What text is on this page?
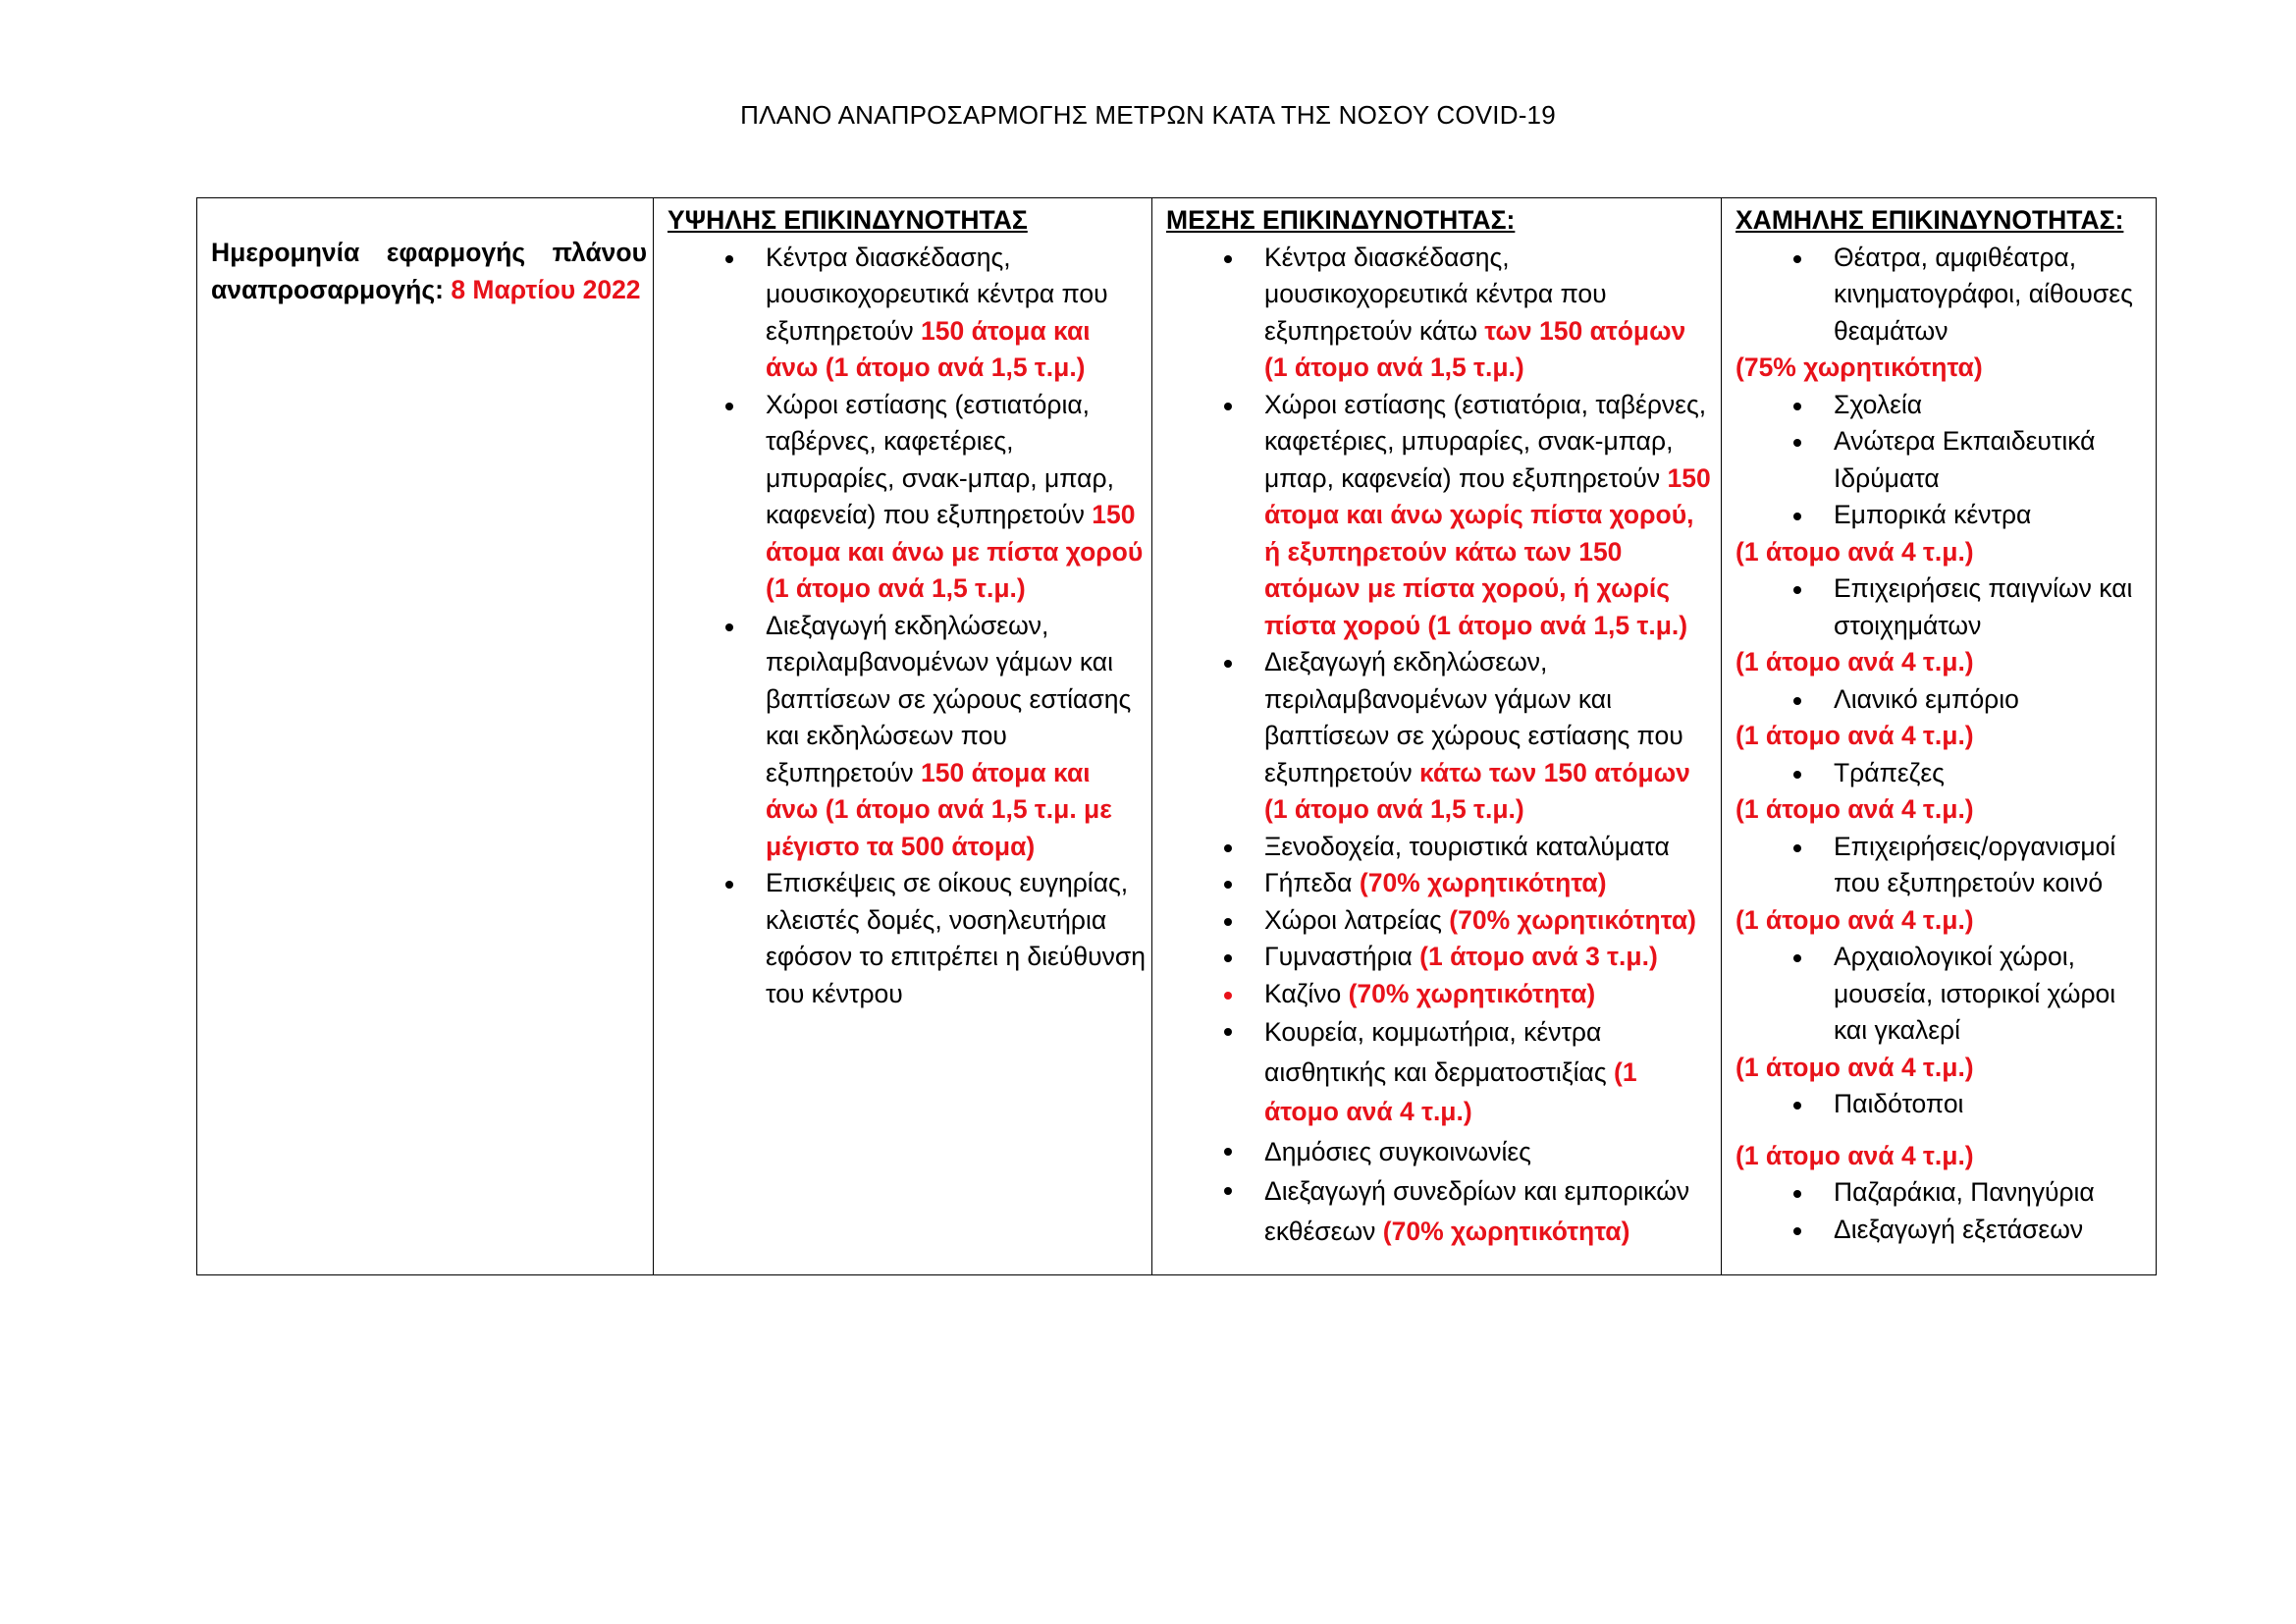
ΠΛΑΝΟ ΑΝΑΠΡΟΣΑΡΜΟΓΗΣ ΜΕΤΡΩΝ ΚΑΤΑ ΤΗΣ ΝΟΣΟΥ COVID-19
Ημερομηνία εφαρμογής πλάνου αναπροσαρμογής: 8 Μαρτίου 2022

ΥΨΗΛΗΣ ΕΠΙΚΙΝΔΥΝΟΤΗΤΑΣ
Κέντρα διασκέδασης, μουσικοχορευτικά κέντρα που εξυπηρετούν 150 άτομα και άνω (1 άτομο ανά 1,5 τ.μ.)
Χώροι εστίασης (εστιατόρια, ταβέρνες, καφετέριες, μπυραρίες, σνακ-μπαρ, μπαρ, καφενεία) που εξυπηρετούν 150 άτομα και άνω με πίστα χορού
(1 άτομο ανά 1,5 τ.μ.)
Διεξαγωγή εκδηλώσεων, περιλαμβανομένων γάμων και βαπτίσεων σε χώρους εστίασης και εκδηλώσεων που εξυπηρετούν 150 άτομα και άνω (1 άτομο ανά 1,5 τ.μ. με μέγιστο τα 500 άτομα)
Επισκέψεις σε οίκους ευγηρίας, κλειστές δομές, νοσηλευτήρια εφόσον το επιτρέπει η διεύθυνση του κέντρου

ΜΕΣΗΣ ΕΠΙΚΙΝΔΥΝΟΤΗΤΑΣ:
Κέντρα διασκέδασης, μουσικοχορευτικά κέντρα που εξυπηρετούν κάτω των 150 ατόμων (1 άτομο ανά 1,5 τ.μ.)
Χώροι εστίασης (εστιατόρια, ταβέρνες, καφετέριες, μπυραρίες, σνακ-μπαρ, μπαρ, καφενεία) που εξυπηρετούν 150 άτομα και άνω χωρίς πίστα χορού, ή εξυπηρετούν κάτω των 150 ατόμων με πίστα χορού, ή χωρίς πίστα χορού (1 άτομο ανά 1,5 τ.μ.)
Διεξαγωγή εκδηλώσεων, περιλαμβανομένων γάμων και βαπτίσεων σε χώρους εστίασης που εξυπηρετούν κάτω των 150 ατόμων (1 άτομο ανά 1,5 τ.μ.)
Ξενοδοχεία, τουριστικά καταλύματα
Γήπεδα (70% χωρητικότητα)
Χώροι λατρείας (70% χωρητικότητα)
Γυμναστήρια (1 άτομο ανά 3 τ.μ.)
Καζίνο (70% χωρητικότητα)
Κουρεία, κομμωτήρια, κέντρα αισθητικής και δερματοστιξίας (1 άτομο ανά 4 τ.μ.)
Δημόσιες συγκοινωνίες
Διεξαγωγή συνεδρίων και εμπορικών εκθέσεων (70% χωρητικότητα)

ΧΑΜΗΛΗΣ ΕΠΙΚΙΝΔΥΝΟΤΗΤΑΣ:
Θέατρα, αμφιθέατρα, κινηματογράφοι, αίθουσες θεαμάτων
(75% χωρητικότητα)
Σχολεία
Ανώτερα Εκπαιδευτικά Ιδρύματα
Εμπορικά κέντρα
(1 άτομο ανά 4 τ.μ.)
Επιχειρήσεις παιγνίων και στοιχημάτων
(1 άτομο ανά 4 τ.μ.)
Λιανικό εμπόριο
(1 άτομο ανά 4 τ.μ.)
Τράπεζες
(1 άτομο ανά 4 τ.μ.)
Επιχειρήσεις/οργανισμοί που εξυπηρετούν κοινό
(1 άτομο ανά 4 τ.μ.)
Αρχαιολογικοί χώροι, μουσεία, ιστορικοί χώροι και γκαλερί
(1 άτομο ανά 4 τ.μ.)
Παιδότοποι
(1 άτομο ανά 4 τ.μ.)
Παζαράκια, Πανηγύρια
Διεξαγωγή εξετάσεων
